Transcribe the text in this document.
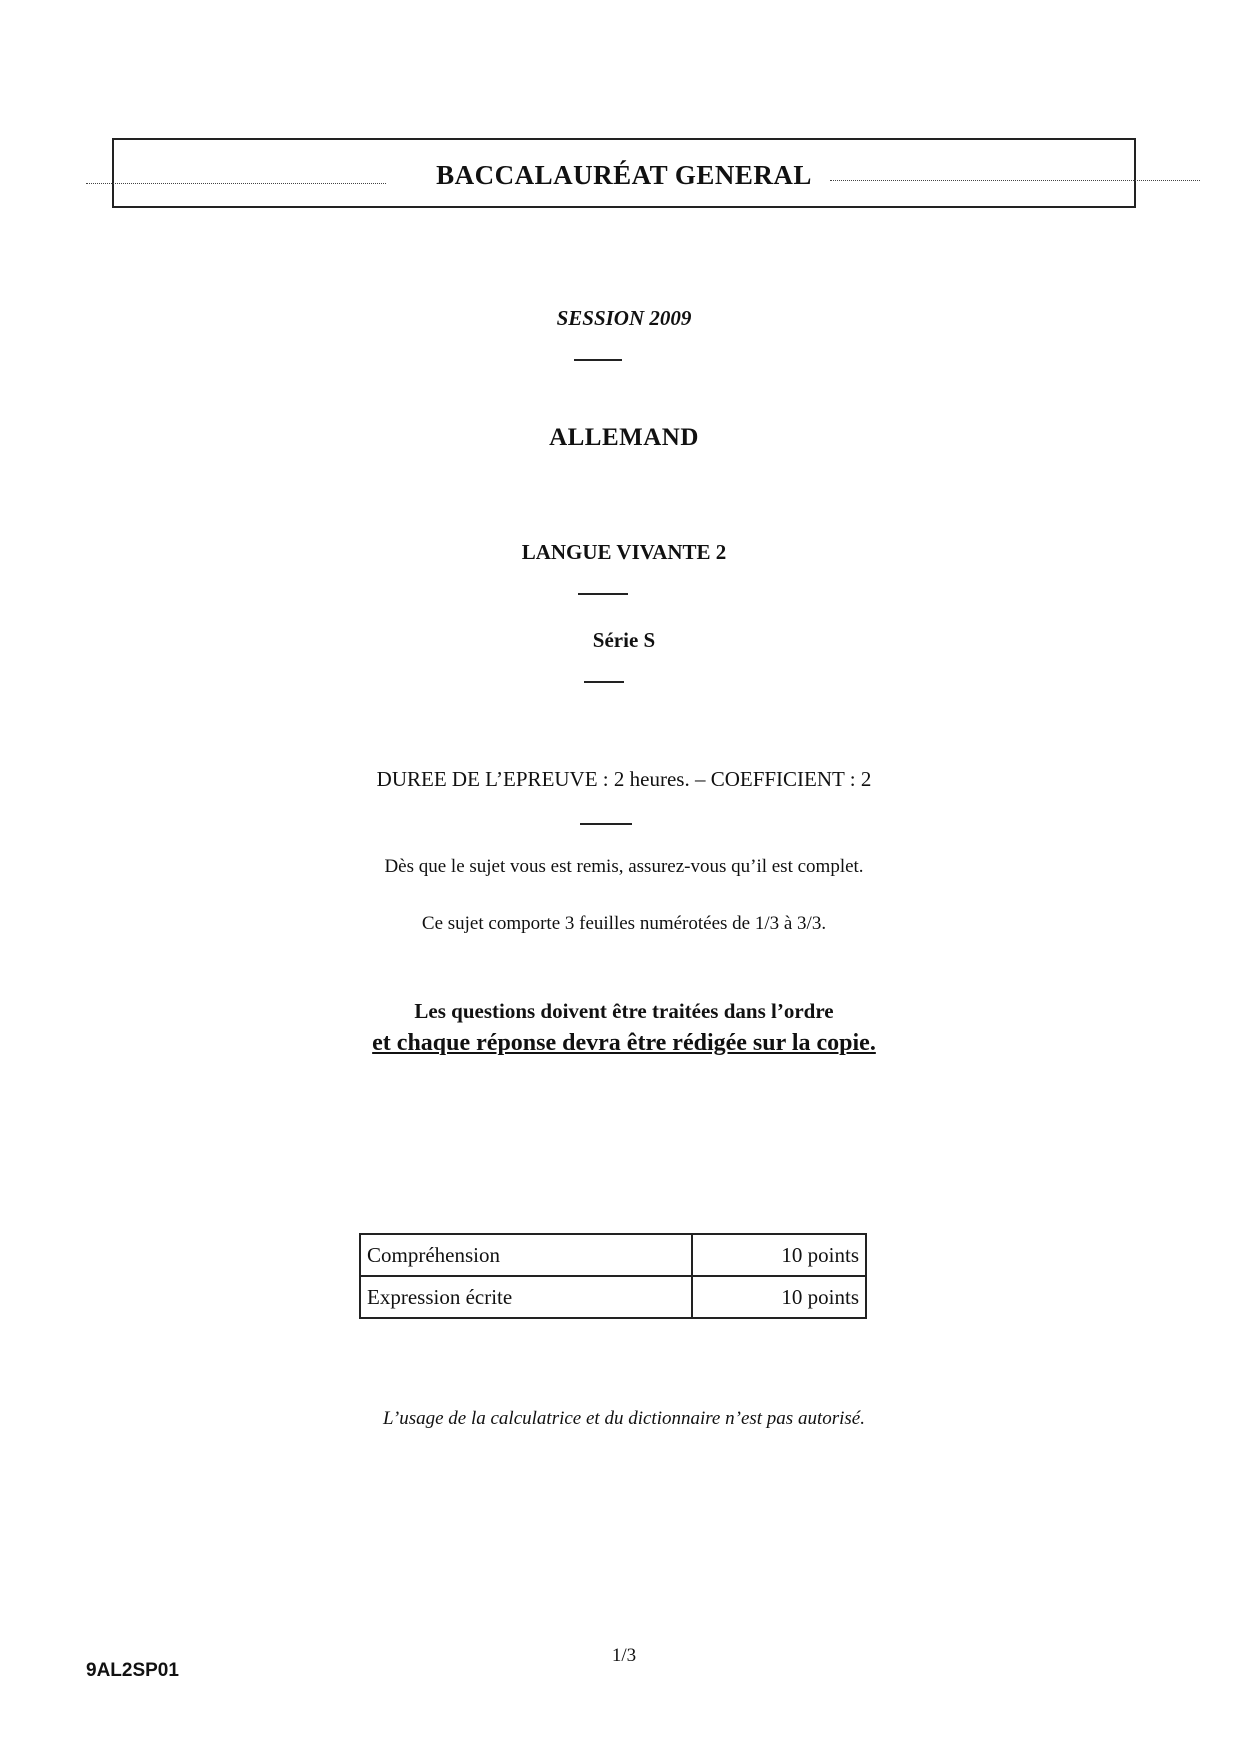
BACCALAURÉAT GENERAL
SESSION 2009
ALLEMAND
LANGUE VIVANTE 2
Série S
DUREE DE L’EPREUVE : 2 heures. – COEFFICIENT : 2
Dès que le sujet vous est remis, assurez-vous qu’il est complet.
Ce sujet comporte 3 feuilles numérotées de 1/3 à 3/3.
Les questions doivent être traitées dans l’ordre
et chaque réponse devra être rédigée sur la copie.
Compréhension	10 points
Expression écrite	10 points
L’usage de la calculatrice et du dictionnaire n’est pas autorisé.
1/3
9AL2SP01
